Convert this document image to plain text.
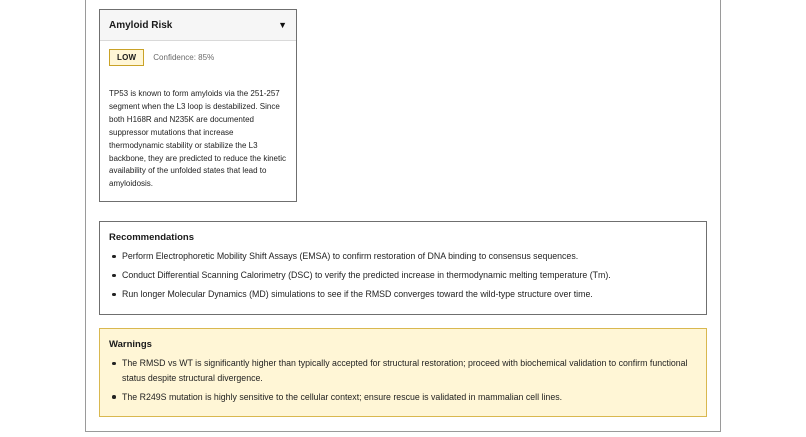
Amyloid Risk	▼
LOW	Confidence: 85%

TP53 is known to form amyloids via the 251-257 segment when the L3 loop is destabilized. Since both H168R and N235K are documented suppressor mutations that increase thermodynamic stability or stabilize the L3 backbone, they are predicted to reduce the kinetic availability of the unfolded states that lead to amyloidosis.

Recommendations
Perform Electrophoretic Mobility Shift Assays (EMSA) to confirm restoration of DNA binding to consensus sequences.
Conduct Differential Scanning Calorimetry (DSC) to verify the predicted increase in thermodynamic melting temperature (Tm).
Run longer Molecular Dynamics (MD) simulations to see if the RMSD converges toward the wild-type structure over time.
Warnings
The RMSD vs WT is significantly higher than typically accepted for structural restoration; proceed with biochemical validation to confirm functional status despite structural divergence.
The R249S mutation is highly sensitive to the cellular context; ensure rescue is validated in mammalian cell lines.
